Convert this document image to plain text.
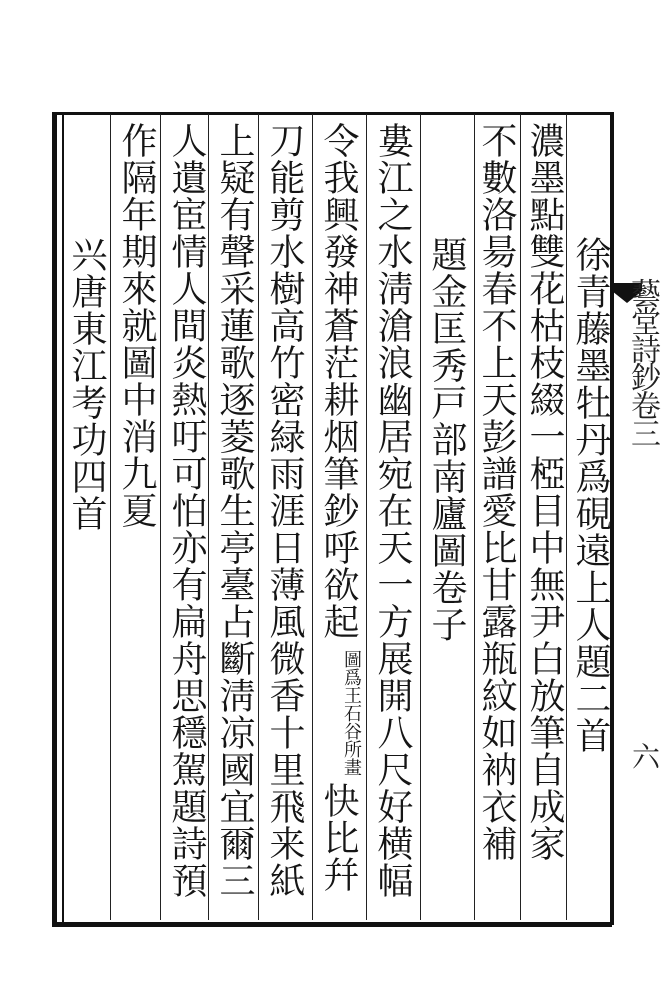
藝堂詩鈔卷三
六
徐青藤墨牡丹爲硯遠上人題二首
濃墨點雙花枯枝綴一椏目中無尹白放筆自成家
不數洛昜春不上天彭譜愛比甘露瓶紋如衲衣補
題金匡秀戸部南廬圖卷子
婁江之水淸滄浪幽居宛在天一方展開八尺好横幅
令我興發神蒼茫耕烟筆鈔呼欲起
圖爲王石谷所畫
快比幷
刀能剪水樹高竹密緑雨涯日薄風微香十里飛来紙
上疑有聲采蓮歌逐菱歌生亭臺占斷淸凉國宜爾三
人遺宦情人間炎熱吁可怕亦有扁舟思穩駕題詩預
作隔年期來就圖中消九夏
兴唐東江考功四首
